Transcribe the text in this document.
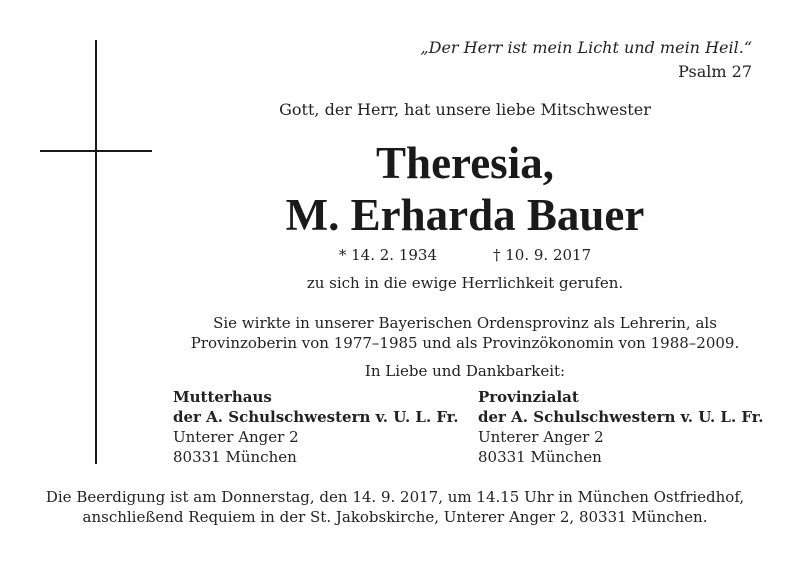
„Der Herr ist mein Licht und mein Heil.“
Psalm 27
Gott, der Herr, hat unsere liebe Mitschwester
Theresia,
M. Erharda Bauer
* 14. 2. 1934	† 10. 9. 2017
zu sich in die ewige Herrlichkeit gerufen.
Sie wirkte in unserer Bayerischen Ordensprovinz als Lehrerin, als
Provinzoberin von 1977–1985 und als Provinzökonomin von 1988–2009.
In Liebe und Dankbarkeit:
Mutterhaus
der A. Schulschwestern v. U. L. Fr.
Unterer Anger 2
80331 München
Provinzialat
der A. Schulschwestern v. U. L. Fr.
Unterer Anger 2
80331 München
Die Beerdigung ist am Donnerstag, den 14. 9. 2017, um 14.15 Uhr in München Ostfriedhof,
anschließend Requiem in der St. Jakobskirche, Unterer Anger 2, 80331 München.
